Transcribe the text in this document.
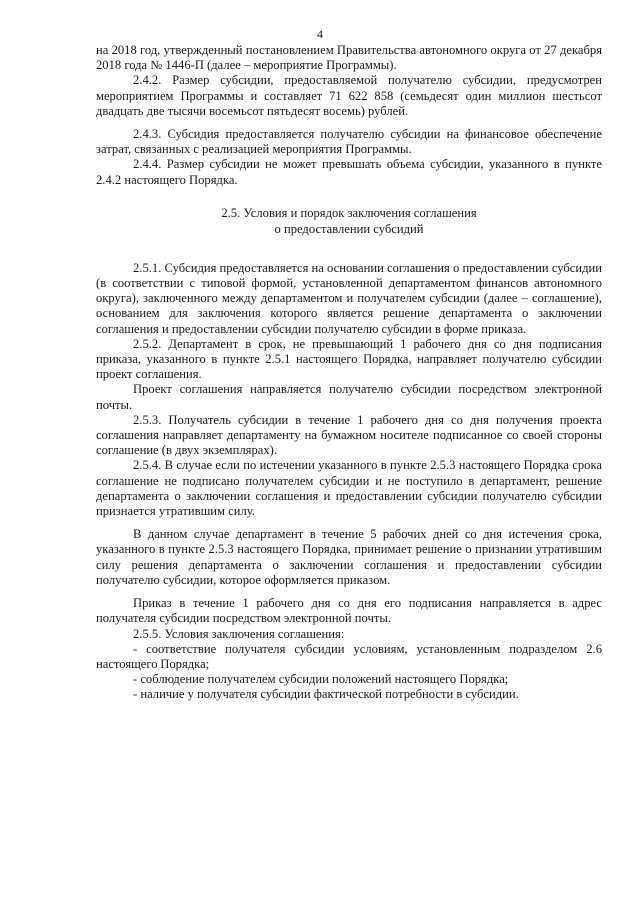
4

на 2018 год, утвержденный постановлением Правительства автономного округа от 27 декабря 2018 года № 1446-П (далее – мероприятие Программы).

2.4.2. Размер субсидии, предоставляемой получателю субсидии, предусмотрен мероприятием Программы и составляет 71 622 858 (семьдесят один миллион шестьсот двадцать две тысячи восемьсот пятьдесят восемь) рублей.

2.4.3. Субсидия предоставляется получателю субсидии на финансовое обеспечение затрат, связанных с реализацией мероприятия Программы.

2.4.4. Размер субсидии не может превышать объема субсидии, указанного в пункте 2.4.2 настоящего Порядка.

2.5. Условия и порядок заключения соглашения
о предоставлении субсидий

2.5.1. Субсидия предоставляется на основании соглашения о предоставлении субсидии (в соответствии с типовой формой, установленной департаментом финансов автономного округа), заключенного между департаментом и получателем субсидии (далее – соглашение), основанием для заключения которого является решение департамента о заключении соглашения и предоставлении субсидии получателю субсидии в форме приказа.

2.5.2. Департамент в срок, не превышающий 1 рабочего дня со дня подписания приказа, указанного в пункте 2.5.1 настоящего Порядка, направляет получателю субсидии проект соглашения.

Проект соглашения направляется получателю субсидии посредством электронной почты.

2.5.3. Получатель субсидии в течение 1 рабочего дня со дня получения проекта соглашения направляет департаменту на бумажном носителе подписанное со своей стороны соглашение (в двух экземплярах).

2.5.4. В случае если по истечении указанного в пункте 2.5.3 настоящего Порядка срока соглашение не подписано получателем субсидии и не поступило в департамент, решение департамента о заключении соглашения и предоставлении субсидии получателю субсидии признается утратившим силу.

В данном случае департамент в течение 5 рабочих дней со дня истечения срока, указанного в пункте 2.5.3 настоящего Порядка, принимает решение о признании утратившим силу решения департамента о заключении соглашения и предоставлении субсидии получателю субсидии, которое оформляется приказом.

Приказ в течение 1 рабочего дня со дня его подписания направляется в адрес получателя субсидии посредством электронной почты.

2.5.5. Условия заключения соглашения:

- соответствие получателя субсидии условиям, установленным подразделом 2.6 настоящего Порядка;

- соблюдение получателем субсидии положений настоящего Порядка;

- наличие у получателя субсидии фактической потребности в субсидии.
